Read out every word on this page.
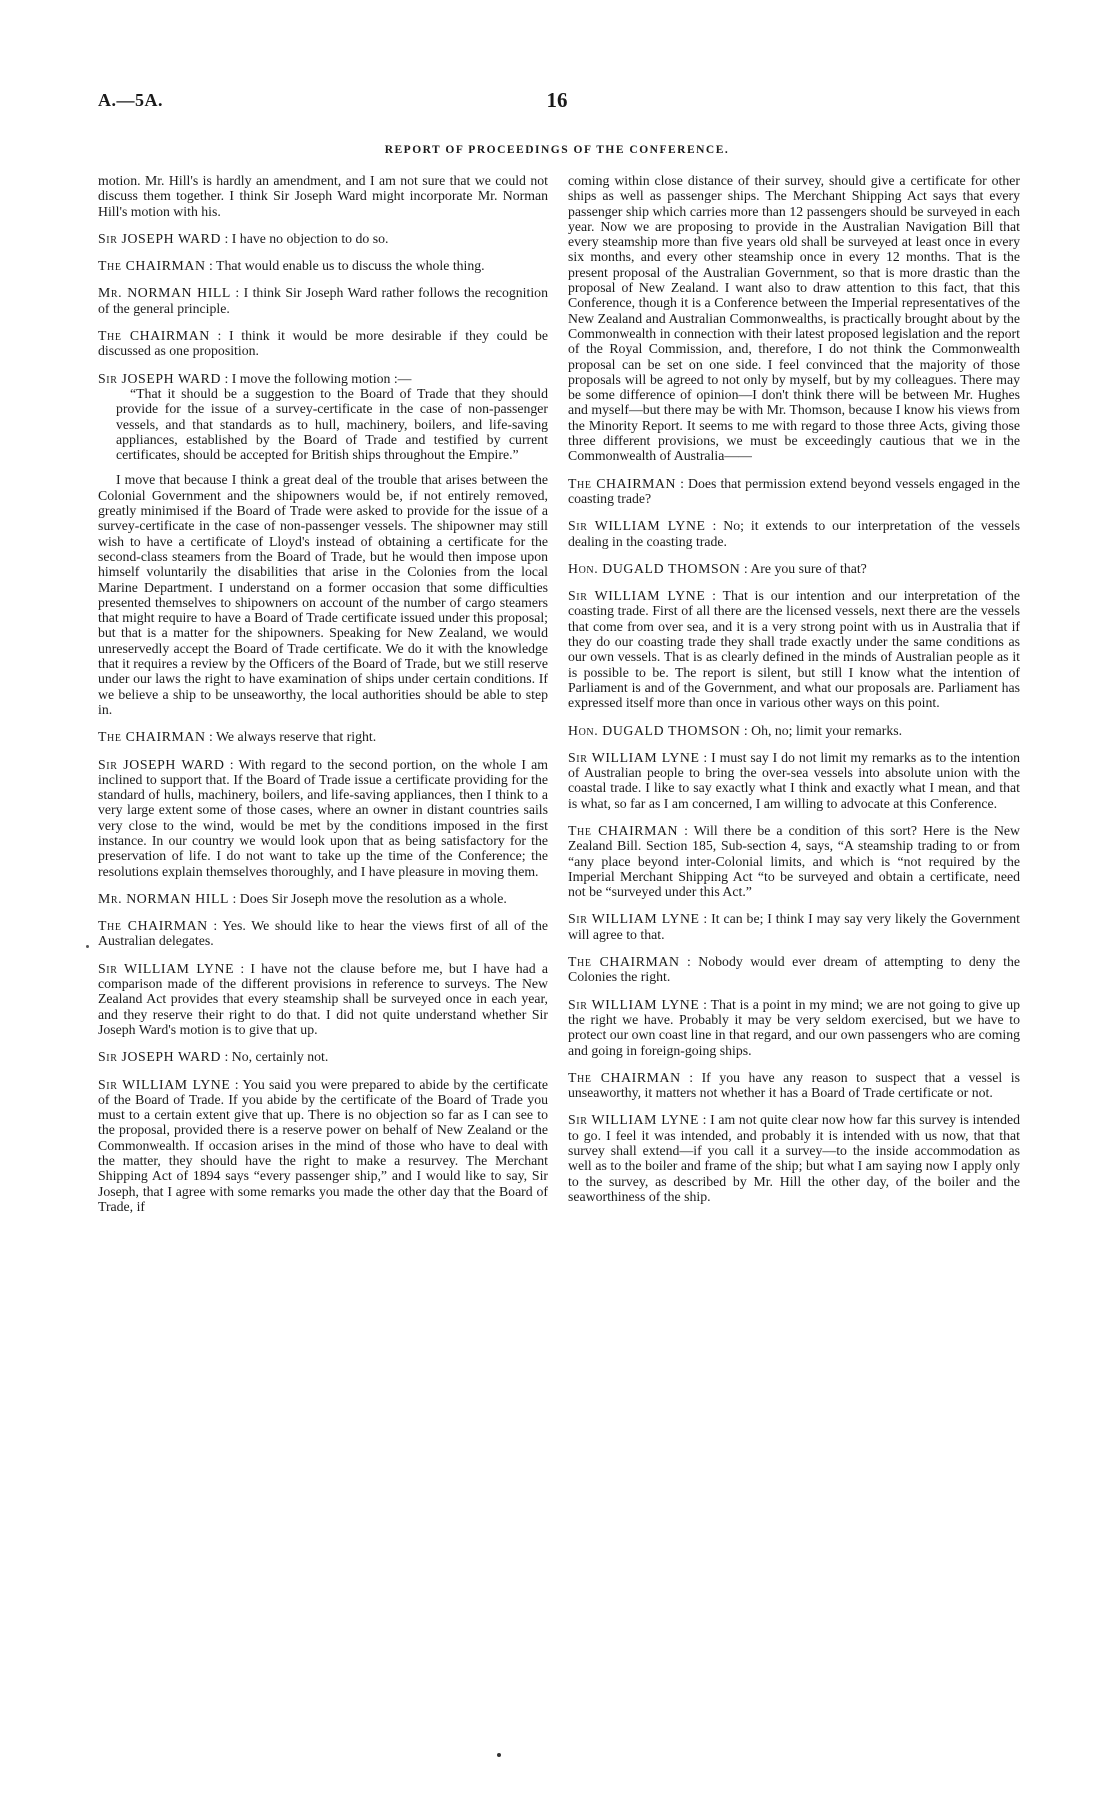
A.—5A.	16
REPORT OF PROCEEDINGS OF THE CONFERENCE.

motion. Mr. Hill's is hardly an amendment, and I am not sure that we could not discuss them together. I think Sir Joseph Ward might incorporate Mr. Norman Hill's motion with his.

Sir JOSEPH WARD : I have no objection to do so.

The CHAIRMAN : That would enable us to discuss the whole thing.

Mr. NORMAN HILL : I think Sir Joseph Ward rather follows the recognition of the general principle.

The CHAIRMAN : I think it would be more desirable if they could be discussed as one proposition.

Sir JOSEPH WARD : I move the following motion :—

“That it should be a suggestion to the Board of Trade that they should provide for the issue of a survey-certificate in the case of non-passenger vessels, and that standards as to hull, machinery, boilers, and life-saving appliances, established by the Board of Trade and testified by current certificates, should be accepted for British ships throughout the Empire.”

I move that because I think a great deal of the trouble that arises between the Colonial Government and the shipowners would be, if not entirely removed, greatly minimised if the Board of Trade were asked to provide for the issue of a survey-certificate in the case of non-passenger vessels. The shipowner may still wish to have a certificate of Lloyd's instead of obtaining a certificate for the second-class steamers from the Board of Trade, but he would then impose upon himself voluntarily the disabilities that arise in the Colonies from the local Marine Department. I understand on a former occasion that some difficulties presented themselves to shipowners on account of the number of cargo steamers that might require to have a Board of Trade certificate issued under this proposal; but that is a matter for the shipowners. Speaking for New Zealand, we would unreservedly accept the Board of Trade certificate. We do it with the knowledge that it requires a review by the Officers of the Board of Trade, but we still reserve under our laws the right to have examination of ships under certain conditions. If we believe a ship to be unseaworthy, the local authorities should be able to step in.

The CHAIRMAN : We always reserve that right.

Sir JOSEPH WARD : With regard to the second portion, on the whole I am inclined to support that. If the Board of Trade issue a certificate providing for the standard of hulls, machinery, boilers, and life-saving appliances, then I think to a very large extent some of those cases, where an owner in distant countries sails very close to the wind, would be met by the conditions imposed in the first instance. In our country we would look upon that as being satisfactory for the preservation of life. I do not want to take up the time of the Conference; the resolutions explain themselves thoroughly, and I have pleasure in moving them.

Mr. NORMAN HILL : Does Sir Joseph move the resolution as a whole.

The CHAIRMAN : Yes. We should like to hear the views first of all of the Australian delegates.

Sir WILLIAM LYNE : I have not the clause before me, but I have had a comparison made of the different provisions in reference to surveys. The New Zealand Act provides that every steamship shall be surveyed once in each year, and they reserve their right to do that. I did not quite understand whether Sir Joseph Ward's motion is to give that up.

Sir JOSEPH WARD : No, certainly not.

Sir WILLIAM LYNE : You said you were prepared to abide by the certificate of the Board of Trade. If you abide by the certificate of the Board of Trade you must to a certain extent give that up. There is no objection so far as I can see to the proposal, provided there is a reserve power on behalf of New Zealand or the Commonwealth. If occasion arises in the mind of those who have to deal with the matter, they should have the right to make a resurvey. The Merchant Shipping Act of 1894 says “every passenger ship,” and I would like to say, Sir Joseph, that I agree with some remarks you made the other day that the Board of Trade, if

coming within close distance of their survey, should give a certificate for other ships as well as passenger ships. The Merchant Shipping Act says that every passenger ship which carries more than 12 passengers should be surveyed in each year. Now we are proposing to provide in the Australian Navigation Bill that every steamship more than five years old shall be surveyed at least once in every six months, and every other steamship once in every 12 months. That is the present proposal of the Australian Government, so that is more drastic than the proposal of New Zealand. I want also to draw attention to this fact, that this Conference, though it is a Conference between the Imperial representatives of the New Zealand and Australian Commonwealths, is practically brought about by the Commonwealth in connection with their latest proposed legislation and the report of the Royal Commission, and, therefore, I do not think the Commonwealth proposal can be set on one side. I feel convinced that the majority of those proposals will be agreed to not only by myself, but by my colleagues. There may be some difference of opinion—I don't think there will be between Mr. Hughes and myself—but there may be with Mr. Thomson, because I know his views from the Minority Report. It seems to me with regard to those three Acts, giving those three different provisions, we must be exceedingly cautious that we in the Commonwealth of Australia——

The CHAIRMAN : Does that permission extend beyond vessels engaged in the coasting trade?

Sir WILLIAM LYNE : No; it extends to our interpretation of the vessels dealing in the coasting trade.

Hon. DUGALD THOMSON : Are you sure of that?

Sir WILLIAM LYNE : That is our intention and our interpretation of the coasting trade. First of all there are the licensed vessels, next there are the vessels that come from over sea, and it is a very strong point with us in Australia that if they do our coasting trade they shall trade exactly under the same conditions as our own vessels. That is as clearly defined in the minds of Australian people as it is possible to be. The report is silent, but still I know what the intention of Parliament is and of the Government, and what our proposals are. Parliament has expressed itself more than once in various other ways on this point.

Hon. DUGALD THOMSON : Oh, no; limit your remarks.

Sir WILLIAM LYNE : I must say I do not limit my remarks as to the intention of Australian people to bring the over-sea vessels into absolute union with the coastal trade. I like to say exactly what I think and exactly what I mean, and that is what, so far as I am concerned, I am willing to advocate at this Conference.

The CHAIRMAN : Will there be a condition of this sort? Here is the New Zealand Bill. Section 185, Sub-section 4, says, “A steamship trading to or from “any place beyond inter-Colonial limits, and which is “not required by the Imperial Merchant Shipping Act “to be surveyed and obtain a certificate, need not be “surveyed under this Act.”

Sir WILLIAM LYNE : It can be; I think I may say very likely the Government will agree to that.

The CHAIRMAN : Nobody would ever dream of attempting to deny the Colonies the right.

Sir WILLIAM LYNE : That is a point in my mind; we are not going to give up the right we have. Probably it may be very seldom exercised, but we have to protect our own coast line in that regard, and our own passengers who are coming and going in foreign-going ships.

The CHAIRMAN : If you have any reason to suspect that a vessel is unseaworthy, it matters not whether it has a Board of Trade certificate or not.

Sir WILLIAM LYNE : I am not quite clear now how far this survey is intended to go. I feel it was intended, and probably it is intended with us now, that that survey shall extend—if you call it a survey—to the inside accommodation as well as to the boiler and frame of the ship; but what I am saying now I apply only to the survey, as described by Mr. Hill the other day, of the boiler and the seaworthiness of the ship.
